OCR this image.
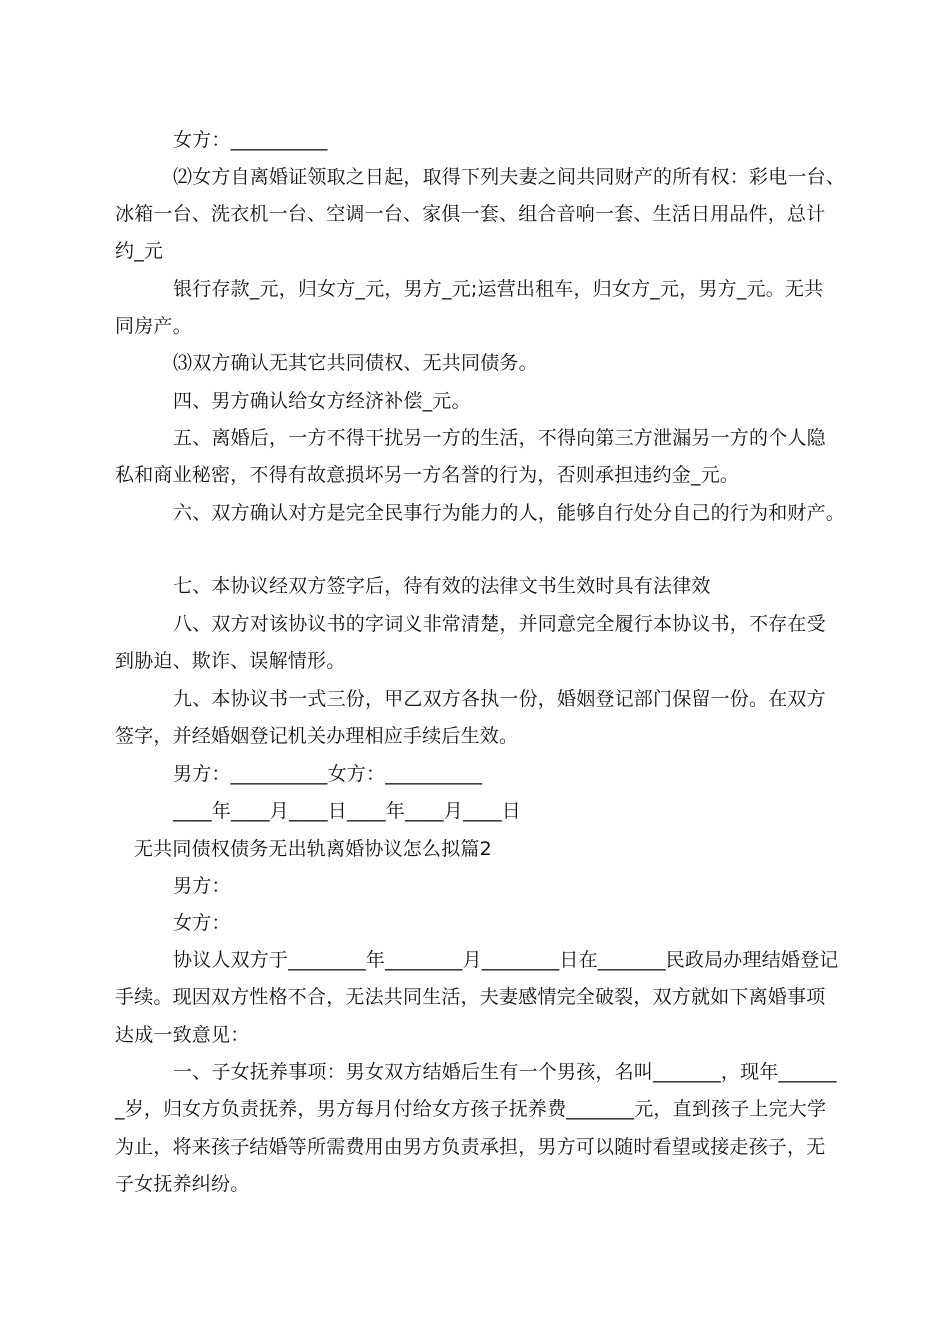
女方：__________
⑵女方自离婚证领取之日起，取得下列夫妻之间共同财产的所有权：彩电一台、
冰箱一台、洗衣机一台、空调一台、家俱一套、组合音响一套、生活日用品件，总计
约_元
银行存款_元，归女方_元，男方_元;运营出租车，归女方_元，男方_元。无共
同房产。
⑶双方确认无其它共同债权、无共同债务。
四、男方确认给女方经济补偿_元。
五、离婚后，一方不得干扰另一方的生活，不得向第三方泄漏另一方的个人隐
私和商业秘密，不得有故意损坏另一方名誉的行为，否则承担违约金_元。
六、双方确认对方是完全民事行为能力的人，能够自行处分自己的行为和财产。
七、本协议经双方签字后，待有效的法律文书生效时具有法律效
八、双方对该协议书的字词义非常清楚，并同意完全履行本协议书，不存在受
到胁迫、欺诈、误解情形。
九、本协议书一式三份，甲乙双方各执一份，婚姻登记部门保留一份。在双方
签字，并经婚姻登记机关办理相应手续后生效。
男方：__________女方：__________
____年____月____日____年____月____日
无共同债权债务无出轨离婚协议怎么拟篇2
男方：
女方：
协议人双方于________年________月________日在_______民政局办理结婚登记
手续。现因双方性格不合，无法共同生活，夫妻感情完全破裂，双方就如下离婚事项
达成一致意见：
一、子女抚养事项：男女双方结婚后生有一个男孩，名叫_______，现年______
_岁，归女方负责抚养，男方每月付给女方孩子抚养费_______元，直到孩子上完大学
为止，将来孩子结婚等所需费用由男方负责承担，男方可以随时看望或接走孩子，无
子女抚养纠纷。
